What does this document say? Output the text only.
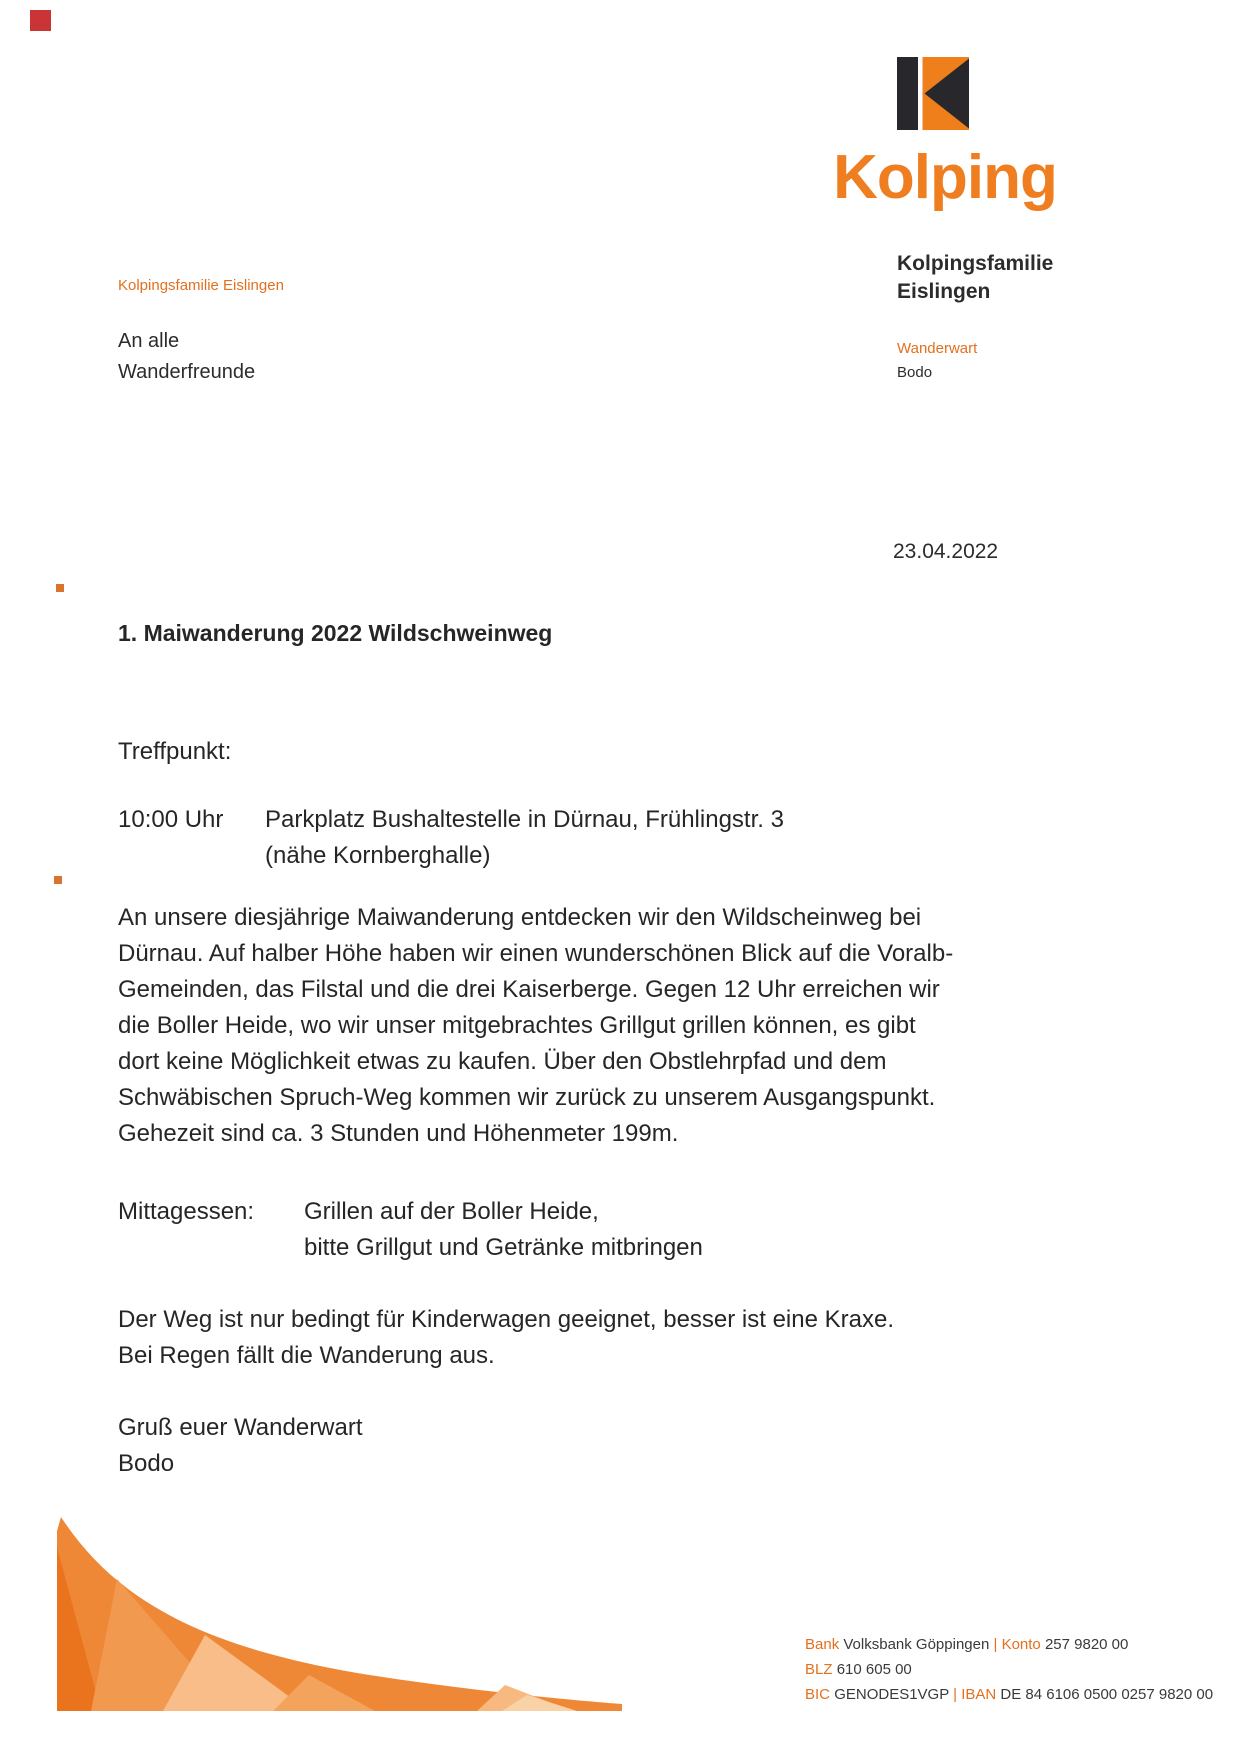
Kolping
Kolpingsfamilie
Eislingen
Wanderwart
Bodo
Kolpingsfamilie Eislingen
An alle
Wanderfreunde
23.04.2022
1. Maiwanderung 2022 Wildschweinweg
Treffpunkt:
10:00 Uhr	Parkplatz Bushaltestelle in Dürnau, Frühlingstr. 3
(nähe Kornberghalle)
An unsere diesjährige Maiwanderung entdecken wir den Wildscheinweg bei
Dürnau. Auf halber Höhe haben wir einen wunderschönen Blick auf die Voralb-
Gemeinden, das Filstal und die drei Kaiserberge. Gegen 12 Uhr erreichen wir
die Boller Heide, wo wir unser mitgebrachtes Grillgut grillen können, es gibt
dort keine Möglichkeit etwas zu kaufen. Über den Obstlehrpfad und dem
Schwäbischen Spruch-Weg kommen wir zurück zu unserem Ausgangspunkt.
Gehezeit sind ca. 3 Stunden und Höhenmeter 199m.
Mittagessen:	Grillen auf der Boller Heide,
bitte Grillgut und Getränke mitbringen
Der Weg ist nur bedingt für Kinderwagen geeignet, besser ist eine Kraxe.
Bei Regen fällt die Wanderung aus.
Gruß euer Wanderwart
Bodo
Bank Volksbank Göppingen | Konto 257 9820 00
BLZ 610 605 00
BIC GENODES1VGP | IBAN DE 84 6106 0500 0257 9820 00
